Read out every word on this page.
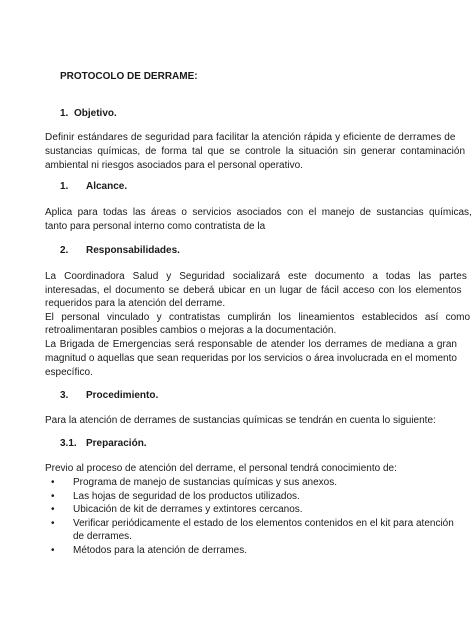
PROTOCOLO DE DERRAME:
1. Objetivo.
Definir estándares de seguridad para facilitar la atención rápida y eficiente de derrames de
sustancias químicas, de forma tal que se controle la situación sin generar contaminación
ambiental ni riesgos asociados para el personal operativo.
1. Alcance.
Aplica para todas las áreas o servicios asociados con el manejo de sustancias químicas,
tanto para personal interno como contratista de la
2. Responsabilidades.
La Coordinadora Salud y Seguridad socializará este documento a todas las partes
interesadas, el documento se deberá ubicar en un lugar de fácil acceso con los elementos
requeridos para la atención del derrame.
El personal vinculado y contratistas cumplirán los lineamientos establecidos así como
retroalimentaran posibles cambios o mejoras a la documentación.
La Brigada de Emergencias será responsable de atender los derrames de mediana a gran
magnitud o aquellas que sean requeridas por los servicios o área involucrada en el momento
específico.
3. Procedimiento.
Para la atención de derrames de sustancias químicas se tendrán en cuenta lo siguiente:
3.1. Preparación.
Previo al proceso de atención del derrame, el personal tendrá conocimiento de:
• Programa de manejo de sustancias químicas y sus anexos.
• Las hojas de seguridad de los productos utilizados.
• Ubicación de kit de derrames y extintores cercanos.
• Verificar periódicamente el estado de los elementos contenidos en el kit para atención
de derrames.
• Métodos para la atención de derrames.
